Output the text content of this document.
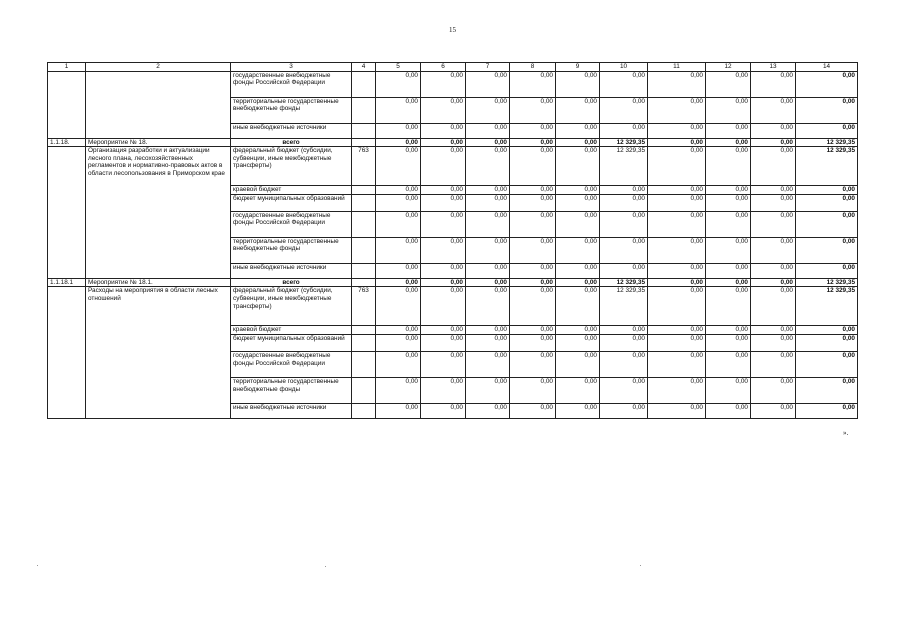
15
1	2	3	4	5	6	7	8	9	10	11	12	13	14
		государственные внебюджетные фонды Российской Федерации		0,00	0,00	0,00	0,00	0,00	0,00	0,00	0,00	0,00	0,00
		территориальные государственные внебюджетные фонды		0,00	0,00	0,00	0,00	0,00	0,00	0,00	0,00	0,00	0,00
		иные внебюджетные источники		0,00	0,00	0,00	0,00	0,00	0,00	0,00	0,00	0,00	0,00
1.1.18.	Мероприятие № 18.	всего		0,00	0,00	0,00	0,00	0,00	12 329,35	0,00	0,00	0,00	12 329,35
	Организация разработки и актуализации лесного плана, лесохозяйственных регламентов и нормативно-правовых актов в области лесопользования в Приморском крае	федеральный бюджет (субсидии, субвенции, иные межбюджетные трансферты)	763	0,00	0,00	0,00	0,00	0,00	12 329,35	0,00	0,00	0,00	12 329,35
		краевой бюджет		0,00	0,00	0,00	0,00	0,00	0,00	0,00	0,00	0,00	0,00
		бюджет муниципальных образований		0,00	0,00	0,00	0,00	0,00	0,00	0,00	0,00	0,00	0,00
		государственные внебюджетные фонды Российской Федерации		0,00	0,00	0,00	0,00	0,00	0,00	0,00	0,00	0,00	0,00
		территориальные государственные внебюджетные фонды		0,00	0,00	0,00	0,00	0,00	0,00	0,00	0,00	0,00	0,00
		иные внебюджетные источники		0,00	0,00	0,00	0,00	0,00	0,00	0,00	0,00	0,00	0,00
1.1.18.1	Мероприятие № 18.1.	всего		0,00	0,00	0,00	0,00	0,00	12 329,35	0,00	0,00	0,00	12 329,35
	Расходы на мероприятия в области лесных отношений	федеральный бюджет (субсидии, субвенции, иные межбюджетные трансферты)	763	0,00	0,00	0,00	0,00	0,00	12 329,35	0,00	0,00	0,00	12 329,35
		краевой бюджет		0,00	0,00	0,00	0,00	0,00	0,00	0,00	0,00	0,00	0,00
		бюджет муниципальных образований		0,00	0,00	0,00	0,00	0,00	0,00	0,00	0,00	0,00	0,00
		государственные внебюджетные фонды Российской Федерации		0,00	0,00	0,00	0,00	0,00	0,00	0,00	0,00	0,00	0,00
		территориальные государственные внебюджетные фонды		0,00	0,00	0,00	0,00	0,00	0,00	0,00	0,00	0,00	0,00
		иные внебюджетные источники		0,00	0,00	0,00	0,00	0,00	0,00	0,00	0,00	0,00	0,00
».
